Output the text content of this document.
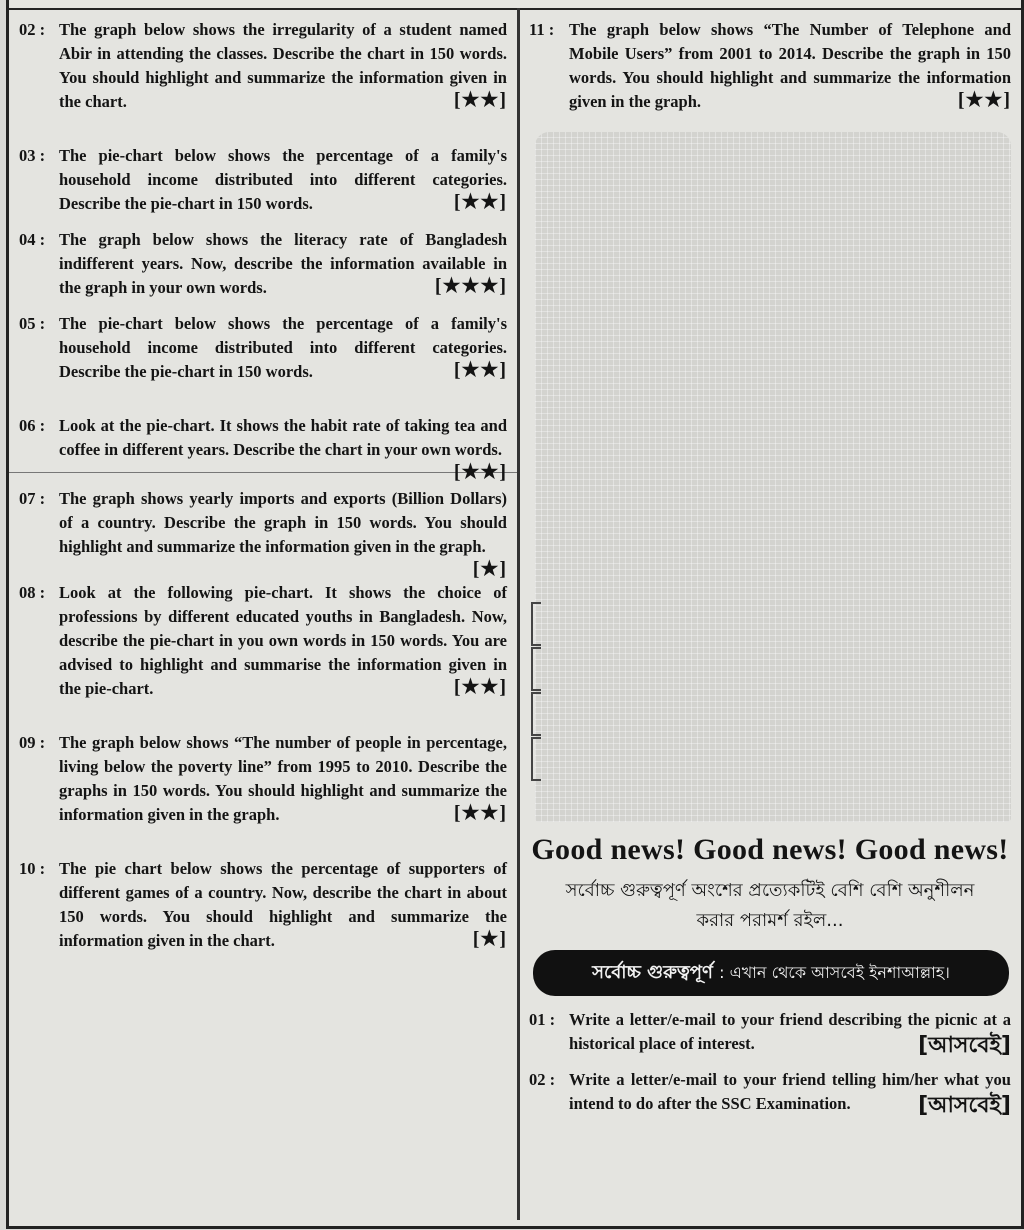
02 : The graph below shows the irregularity of a student named Abir in attending the classes. Describe the chart in 150 words. You should highlight and summarize the information given in the chart.	[★★]
03 : The pie-chart below shows the percentage of a family's household income distributed into different categories. Describe the pie-chart in 150 words.	[★★]
04 : The graph below shows the literacy rate of Bangladesh indifferent years. Now, describe the information available in the graph in your own words.	[★★★]
05 : The pie-chart below shows the percentage of a family's household income distributed into different categories. Describe the pie-chart in 150 words.	[★★]
06 : Look at the pie-chart. It shows the habit rate of taking tea and coffee in different years. Describe the chart in your own words.
[★★]
07 : The graph shows yearly imports and exports (Billion Dollars) of a country. Describe the graph in 150 words. You should highlight and summarize the information given in the graph.
[★]
08 : Look at the following pie-chart. It shows the choice of professions by different educated youths in Bangladesh. Now, describe the pie-chart in you own words in 150 words. You are advised to highlight and summarise the information given in the pie-chart.	[★★]
09 : The graph below shows “The number of people in percentage, living below the poverty line” from 1995 to 2010. Describe the graphs in 150 words. You should highlight and summarize the information given in the graph.	[★★]
10 : The pie chart below shows the percentage of supporters of different games of a country. Now, describe the chart in about 150 words. You should highlight and summarize the information given in the chart.	[★]
11 : The graph below shows “The Number of Telephone and Mobile Users” from 2001 to 2014. Describe the graph in 150 words. You should highlight and summarize the information given in the graph.	[★★]
Good news! Good news! Good news!
সর্বোচ্চ গুরুত্বপূর্ণ অংশের প্রত্যেকটিই বেশি বেশি অনুশীলন করার পরামর্শ রইল...
সর্বোচ্চ গুরুত্বপূর্ণ : এখান থেকে আসবেই ইনশাআল্লাহ।
01 : Write a letter/e-mail to your friend describing the picnic at a historical place of interest.	[আসবেই]
02 : Write a letter/e-mail to your friend telling him/her what you intend to do after the SSC Examination.	[আসবেই]
